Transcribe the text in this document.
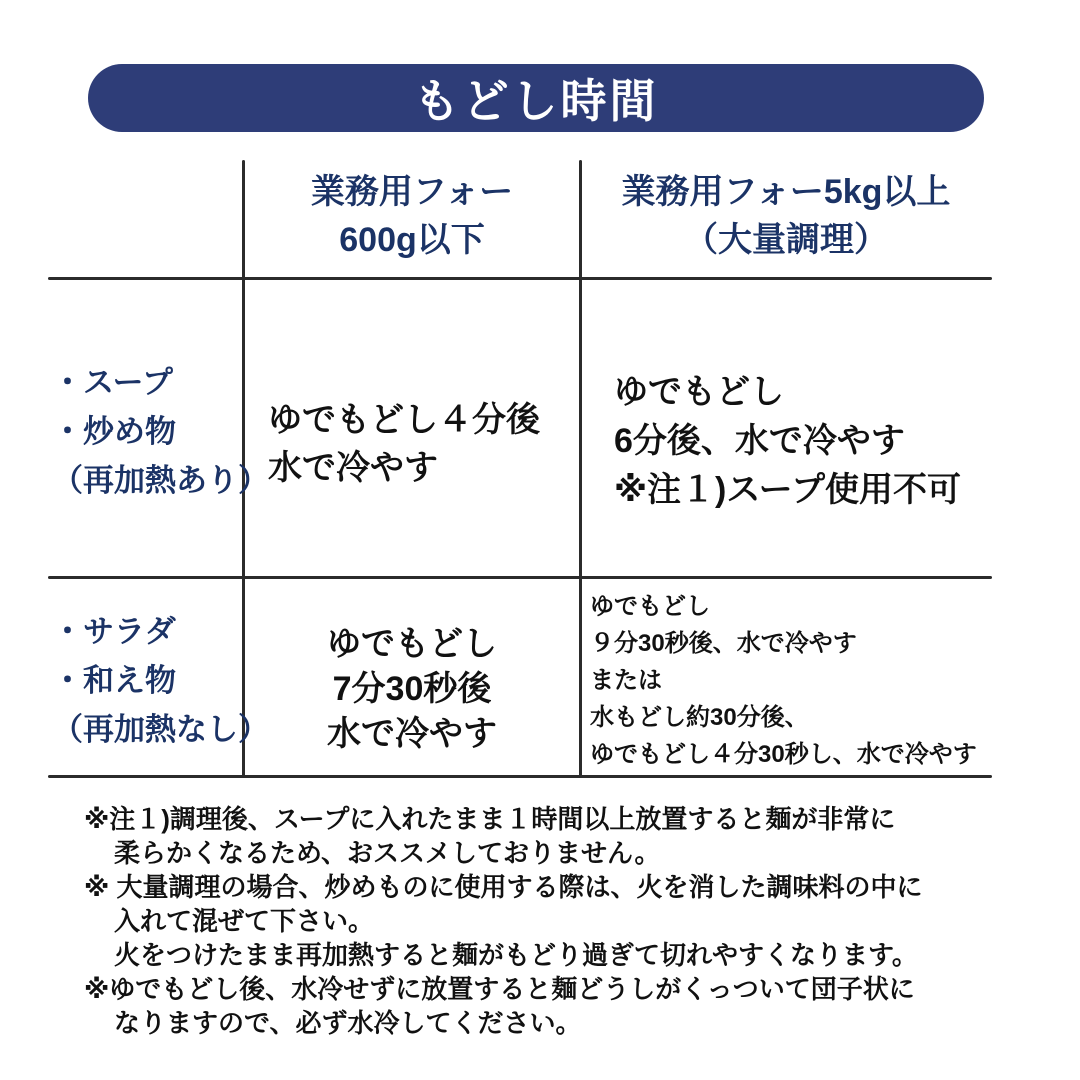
もどし時間
業務用フォー
600g以下
業務用フォー5kg以上
（大量調理）
・スープ
・炒め物
（再加熱あり）
ゆでもどし４分後
水で冷やす
ゆでもどし
6分後、水で冷やす
※注１)スープ使用不可
・サラダ
・和え物
（再加熱なし）
ゆでもどし
7分30秒後
水で冷やす
ゆでもどし
９分30秒後、水で冷やす
または
水もどし約30分後、
ゆでもどし４分30秒し、水で冷やす
※注１)調理後、スープに入れたまま１時間以上放置すると麺が非常に
柔らかくなるため、おススメしておりません。
※ 大量調理の場合、炒めものに使用する際は、火を消した調味料の中に
入れて混ぜて下さい。
火をつけたまま再加熱すると麺がもどり過ぎて切れやすくなります。
※ゆでもどし後、水冷せずに放置すると麺どうしがくっついて団子状に
なりますので、必ず水冷してください。
